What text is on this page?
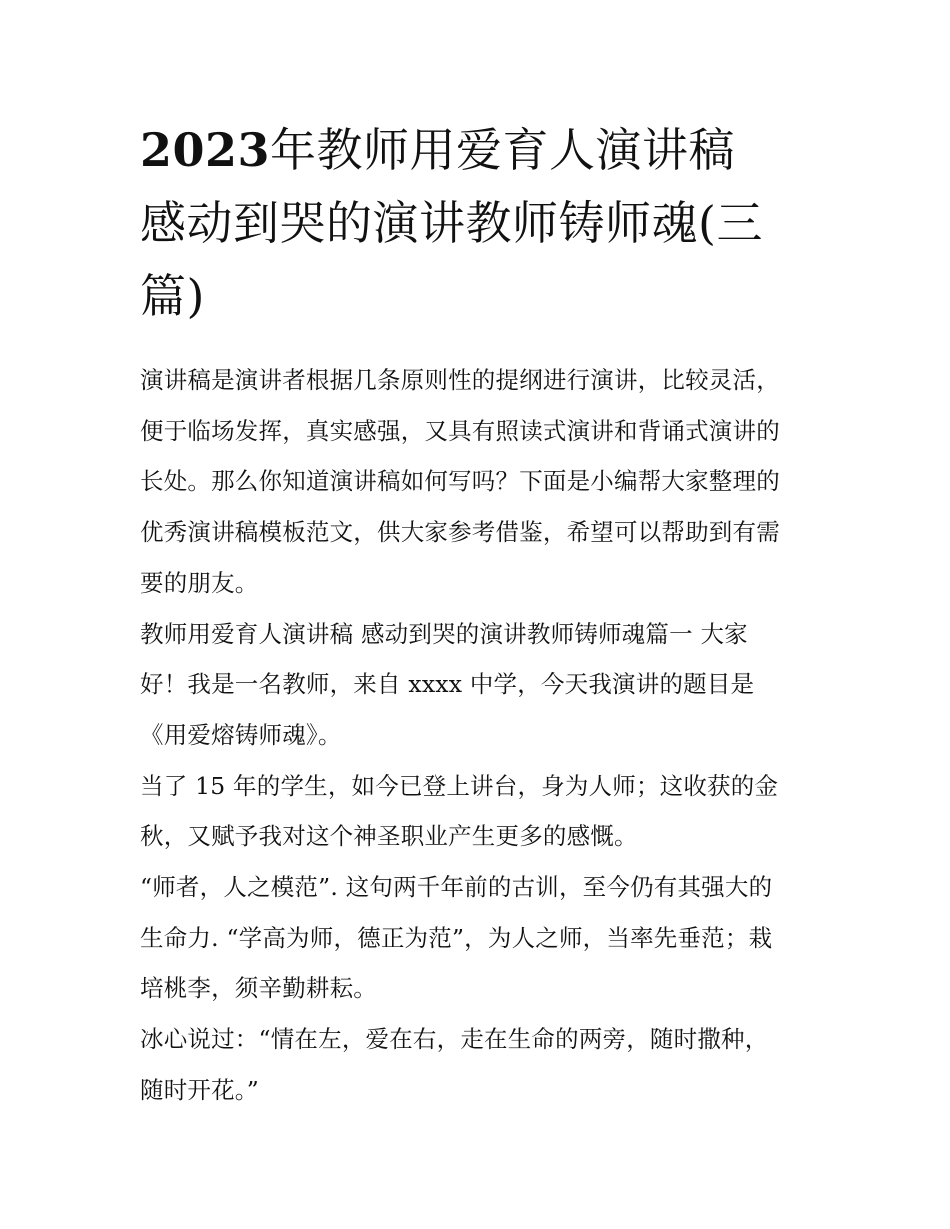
2023年教师用爱育人演讲稿
感动到哭的演讲教师铸师魂(三
篇)

演讲稿是演讲者根据几条原则性的提纲进行演讲，比较灵活，
便于临场发挥，真实感强，又具有照读式演讲和背诵式演讲的
长处。那么你知道演讲稿如何写吗？下面是小编帮大家整理的
优秀演讲稿模板范文，供大家参考借鉴，希望可以帮助到有需
要的朋友。

教师用爱育人演讲稿 感动到哭的演讲教师铸师魂篇一 大家
好！我是一名教师，来自 xxxx 中学，今天我演讲的题目是
《用爱熔铸师魂》。

当了 15 年的学生，如今已登上讲台，身为人师；这收获的金
秋，又赋予我对这个神圣职业产生更多的感慨。

“师者，人之模范”. 这句两千年前的古训，至今仍有其强大的
生命力. “学高为师，德正为范”，为人之师，当率先垂范；栽
培桃李，须辛勤耕耘。

冰心说过：“情在左，爱在右，走在生命的两旁，随时撒种，
随时开花。”
